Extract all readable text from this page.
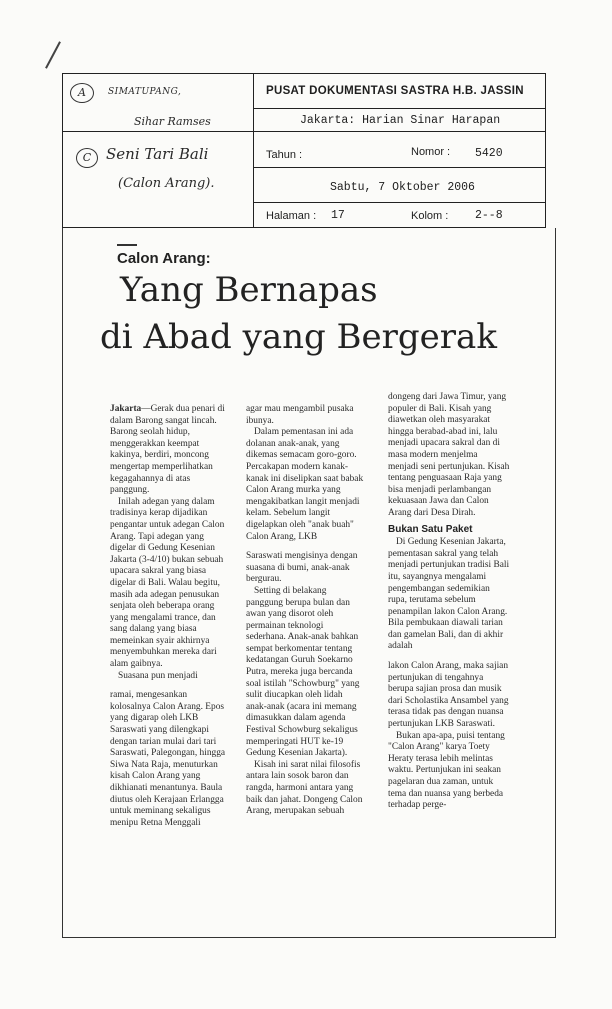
A	SIMATUPANG,
Sihar Ramses
C Seni Tari Bali
(Calon Arang).
PUSAT DOKUMENTASI SASTRA H.B. JASSIN
Jakarta: Harian Sinar Harapan
Tahun :	Nomor : 5420
Sabtu, 7 Oktober 2006
Halaman : 17	Kolom : 2--8
Calon Arang:
Yang Bernapas
di Abad yang Bergerak

Jakarta—Gerak dua penari di dalam Barong sangat lincah. Barong seolah hidup, menggerakkan keempat kakinya, berdiri, moncong mengertap memperlihatkan kegagahannya di atas panggung.

Inilah adegan yang dalam tradisinya kerap dijadikan pengantar untuk adegan Calon Arang. Tapi adegan yang digelar di Gedung Kesenian Jakarta (3-4/10) bukan sebuah upacara sakral yang biasa digelar di Bali. Walau begitu, masih ada adegan penusukan senjata oleh beberapa orang yang mengalami trance, dan sang dalang yang biasa memeinkan syair akhirnya menyembuhkan mereka dari alam gaibnya.

Suasana pun menjadi

ramai, mengesankan kolosalnya Calon Arang. Epos yang digarap oleh LKB Saraswati yang dilengkapi dengan tarian mulai dari tari Saraswati, Palegongan, hingga Siwa Nata Raja, menuturkan kisah Calon Arang yang dikhianati menantunya. Baula diutus oleh Kerajaan Erlangga untuk meminang sekaligus menipu Retna Menggali

agar mau mengambil pusaka ibunya.

Dalam pementasan ini ada dolanan anak-anak, yang dikemas semacam goro-goro. Percakapan modern kanak-kanak ini diselipkan saat babak Calon Arang murka yang mengakibatkan langit menjadi kelam. Sebelum langit digelapkan oleh "anak buah" Calon Arang, LKB

Saraswati mengisinya dengan suasana di bumi, anak-anak bergurau.

Setting di belakang panggung berupa bulan dan awan yang disorot oleh permainan teknologi sederhana. Anak-anak bahkan sempat berkomentar tentang kedatangan Guruh Soekarno Putra, mereka juga bercanda soal istilah "Schowburg" yang sulit diucapkan oleh lidah anak-anak (acara ini memang dimasukkan dalam agenda Festival Schowburg sekaligus memperingati HUT ke-19 Gedung Kesenian Jakarta).

Kisah ini sarat nilai filosofis antara lain sosok baron dan rangda, harmoni antara yang baik dan jahat. Dongeng Calon Arang, merupakan sebuah

dongeng dari Jawa Timur, yang populer di Bali. Kisah yang diawetkan oleh masyarakat hingga berabad-abad ini, lalu menjadi upacara sakral dan di masa modern menjelma menjadi seni pertunjukan. Kisah tentang penguasaan Raja yang bisa menjadi perlambangan kekuasaan Jawa dan Calon Arang dari Desa Dirah.

Bukan Satu Paket

Di Gedung Kesenian Jakarta, pementasan sakral yang telah menjadi pertunjukan tradisi Bali itu, sayangnya mengalami pengembangan sedemikian rupa, terutama sebelum penampilan lakon Calon Arang. Bila pembukaan diawali tarian dan gamelan Bali, dan di akhir adalah

lakon Calon Arang, maka sajian pertunjukan di tengahnya berupa sajian prosa dan musik dari Scholastika Ansambel yang terasa tidak pas dengan nuansa pertunjukan LKB Saraswati.

Bukan apa-apa, puisi tentang "Calon Arang" karya Toety Heraty terasa lebih melintas waktu. Pertunjukan ini seakan pagelaran dua zaman, untuk tema dan nuansa yang berbeda terhadap perge-
